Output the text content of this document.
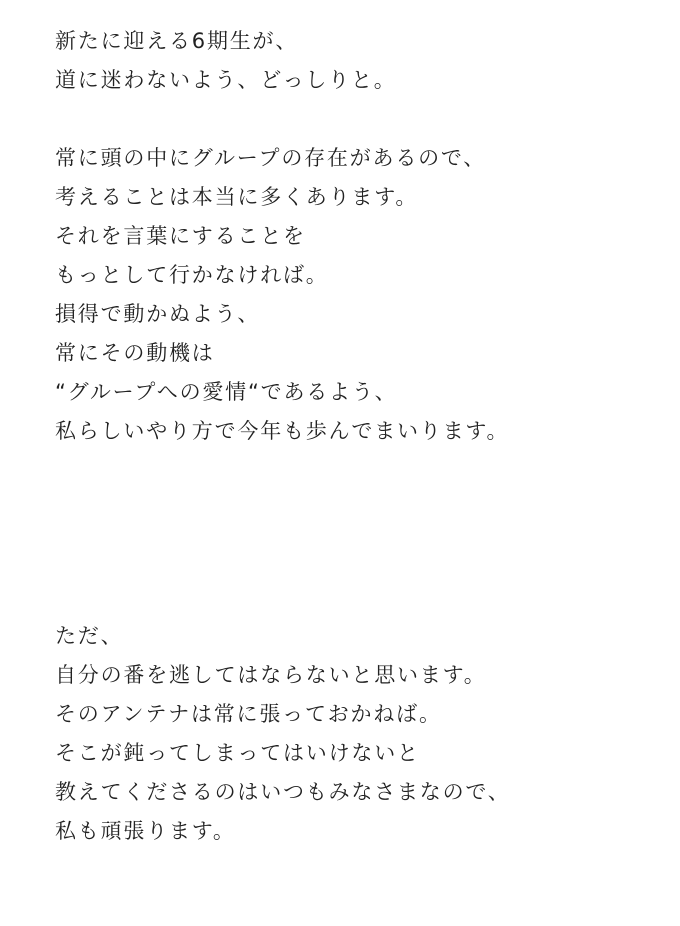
新たに迎える6期生が、
道に迷わないよう、どっしりと。
常に頭の中にグループの存在があるので、
考えることは本当に多くあります。
それを言葉にすることを
もっとして行かなければ。
損得で動かぬよう、
常にその動機は
“グループへの愛情“であるよう、
私らしいやり方で今年も歩んでまいります。
ただ、
自分の番を逃してはならないと思います。
そのアンテナは常に張っておかねば。
そこが鈍ってしまってはいけないと
教えてくださるのはいつもみなさまなので、
私も頑張ります。
